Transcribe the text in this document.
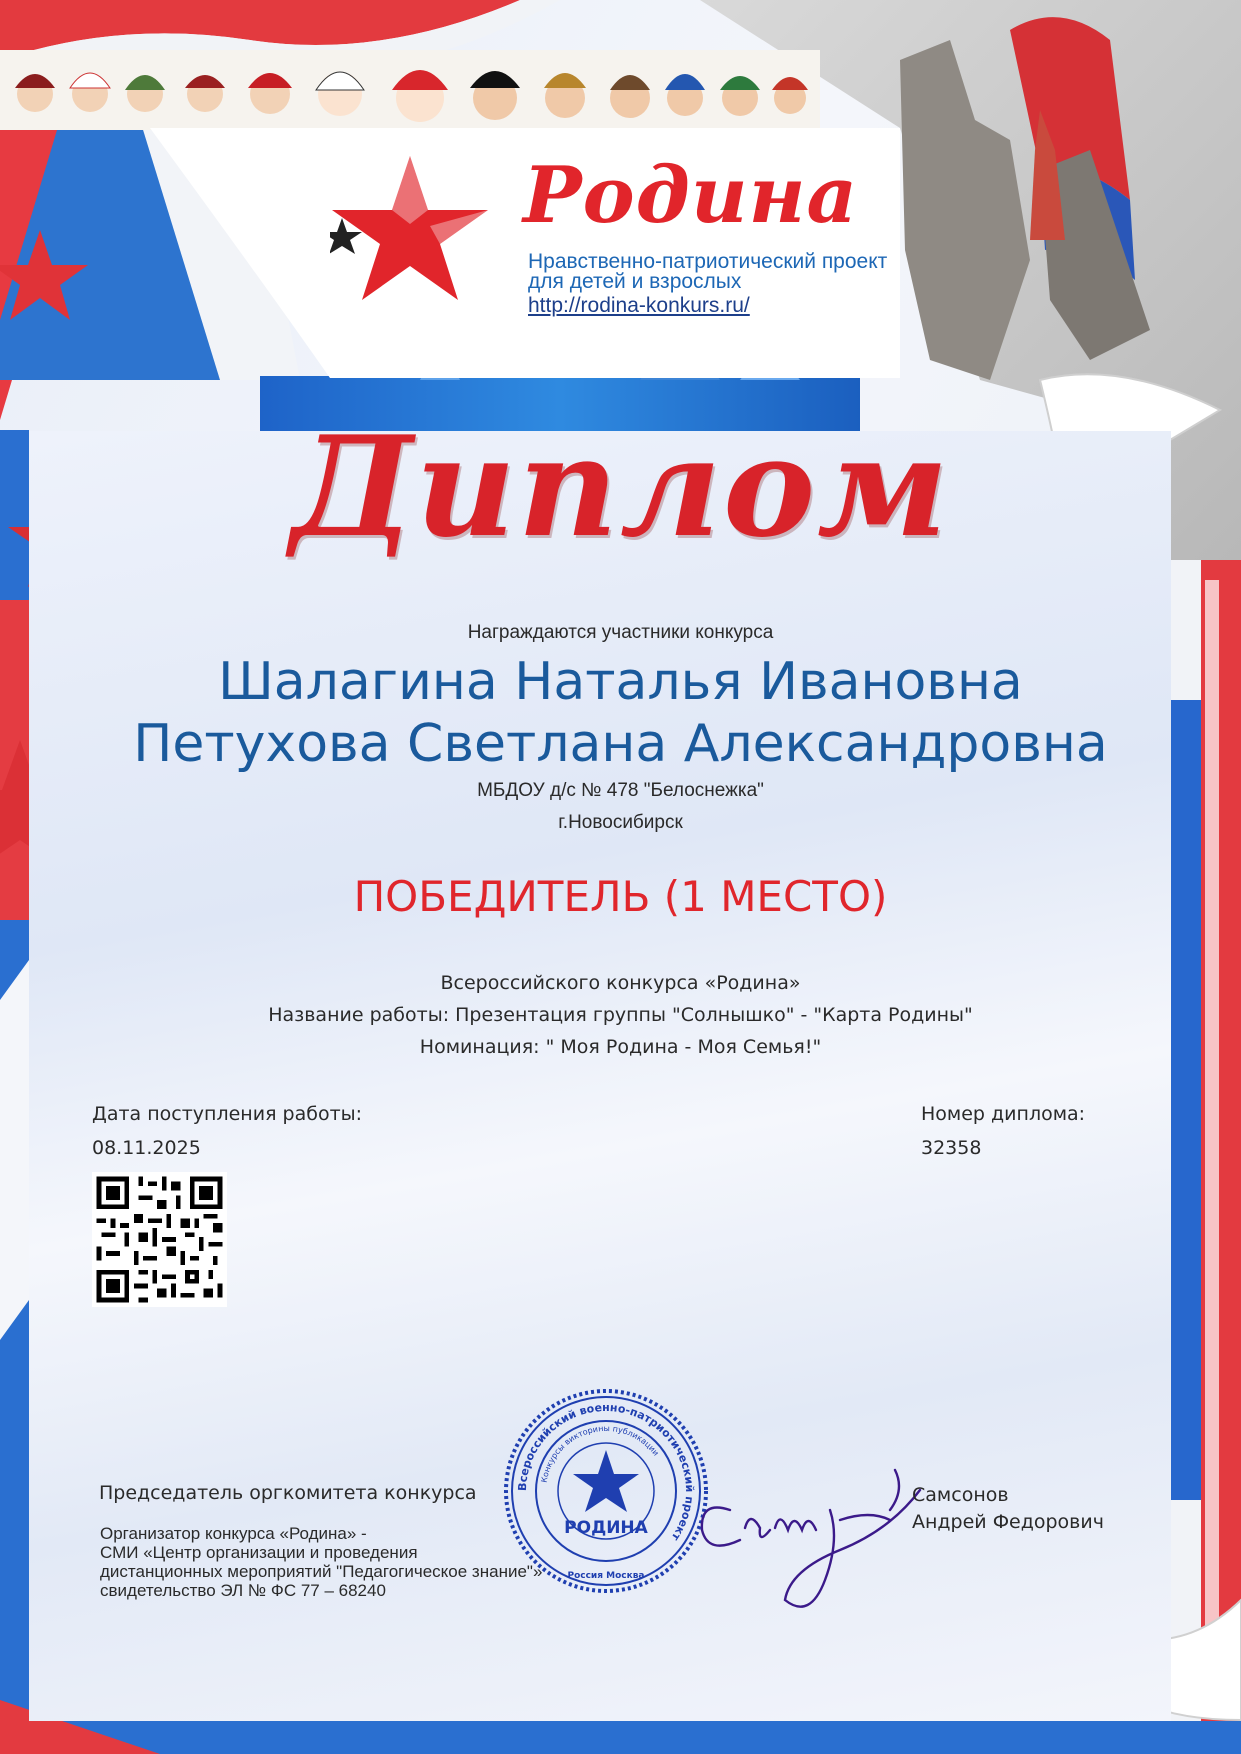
Родина
Нравственно-патриотический проект
для детей и взрослых
http://rodina-konkurs.ru/
Диплом
Награждаются участники конкурса
Шалагина Наталья Ивановна
Петухова Светлана Александровна
МБДОУ д/с № 478 "Белоснежка"
г.Новосибирск
ПОБЕДИТЕЛЬ (1 МЕСТО)
Всероссийского конкурса «Родина»
Название работы: Презентация группы "Солнышко" - "Карта Родины"
Номинация: " Моя Родина - Моя Семья!"
Дата поступления работы:
08.11.2025
Номер диплома:
32358
Председатель оргкомитета конкурса
Организатор конкурса «Родина» -
СМИ «Центр организации и проведения
дистанционных мероприятий "Педагогическое знание"»
свидетельство ЭЛ № ФС 77 – 68240
Всероссийский военно-патриотический проект
Конкурсы викторины публикации
Россия Москва
РОДИНА
Самсонов
Андрей Федорович
